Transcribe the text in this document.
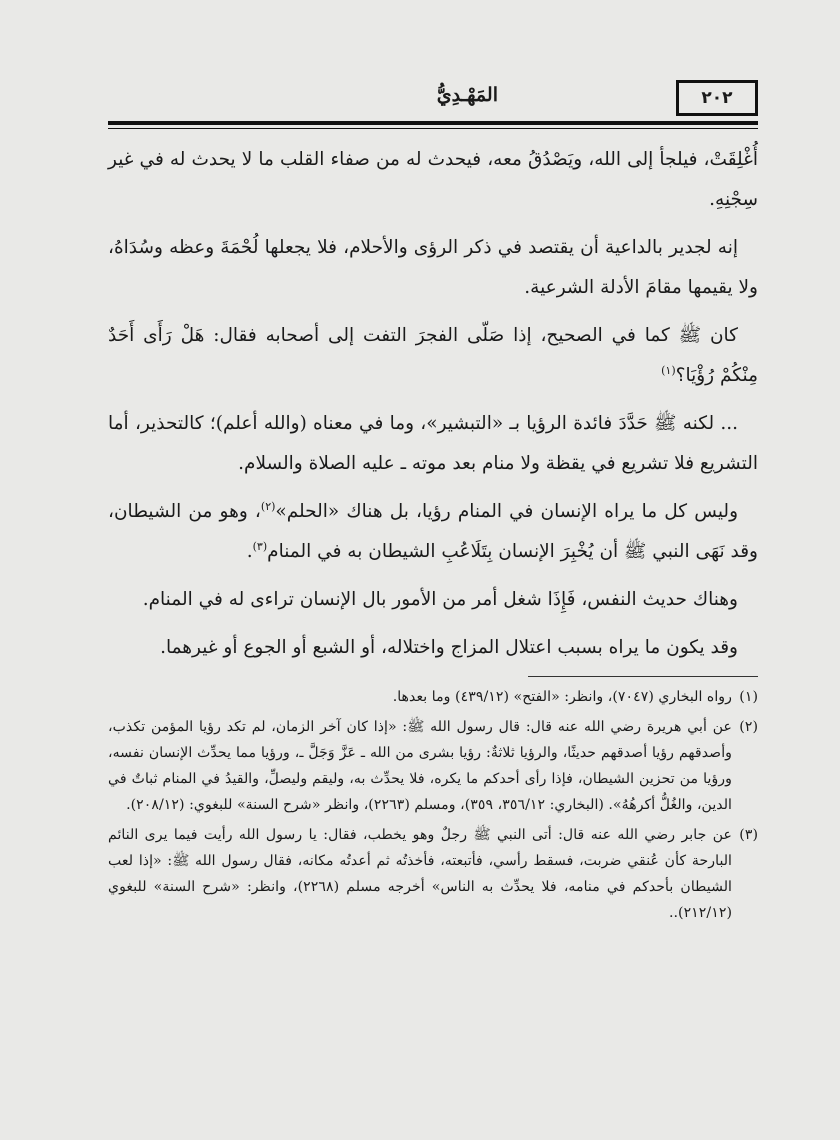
٢٠٢
المَهْـدِيُّ

أُغْلِقَتْ، فيلجأ إلى الله، ويَصْدُقُ معه، فيحدث له من صفاء القلب ما لا يحدث له في غير سِجْنِهِ.

إنه لجدير بالداعية أن يقتصد في ذكر الرؤى والأحلام، فلا يجعلها لُحْمَةَ وعظه وسُدَاهُ، ولا يقيمها مقامَ الأدلة الشرعية.

كان ﷺ كما في الصحيح، إذا صَلّى الفجرَ التفت إلى أصحابه فقال: هَلْ رَأَى أَحَدٌ مِنْكُمْ رُؤْيَا؟$^{(١)}$

... لكنه ﷺ حَدَّدَ فائدة الرؤيا بـ «التبشير»، وما في معناه (والله أعلم)؛ كالتحذير، أما التشريع فلا تشريع في يقظة ولا منام بعد موته ـ عليه الصلاة والسلام.

وليس كل ما يراه الإنسان في المنام رؤيا، بل هناك «الحلم»$^{(٢)}$، وهو من الشيطان، وقد نَهَى النبي ﷺ أن يُخْبِرَ الإنسان بِتَلَاعُبِ الشيطان به في المنام$^{(٣)}$.

وهناك حديث النفس، فَإِذَا شغل أمر من الأمور بال الإنسان تراءى له في المنام.

وقد يكون ما يراه بسبب اعتلال المزاج واختلاله، أو الشبع أو الجوع أو غيرهما.

(١)
رواه البخاري (٧٠٤٧)، وانظر: «الفتح» (٤٣٩/١٢) وما بعدها.
(٢)
عن أبي هريرة رضي الله عنه قال: قال رسول الله ﷺ: «إذا كان آخر الزمان، لم تكد رؤيا المؤمن تكذب، وأصدقهم رؤيا أصدقهم حديثًا، والرؤيا ثلاثةٌ: رؤيا بشرى من الله ـ عَزَّ وَجَلَّ ـ، ورؤيا مما يحدِّث الإنسان نفسه، ورؤيا من تحزين الشيطان، فإذا رأى أحدكم ما يكره، فلا يحدِّث به، وليقم وليصلِّ، والقيدُ في المنام ثباتٌ في الدين، والغُلُّ أكرهُهُ». (البخاري: ٣٥٦/١٢، ٣٥٩)، ومسلم (٢٢٦٣)، وانظر «شرح السنة» للبغوي: (٢٠٨/١٢).
(٣)
عن جابر رضي الله عنه قال: أتى النبي ﷺ رجلٌ وهو يخطب، فقال: يا رسول الله رأيت فيما يرى النائم البارحة كأن عُنقي ضربت، فسقط رأسي، فأتبعته، فأخذتُه ثم أعدتُه مكانه، فقال رسول الله ﷺ: «إذا لعب الشيطان بأحدكم في منامه، فلا يحدِّث به الناس» أخرجه مسلم (٢٢٦٨)، وانظر: «شرح السنة» للبغوي (٢١٢/١٢)..
